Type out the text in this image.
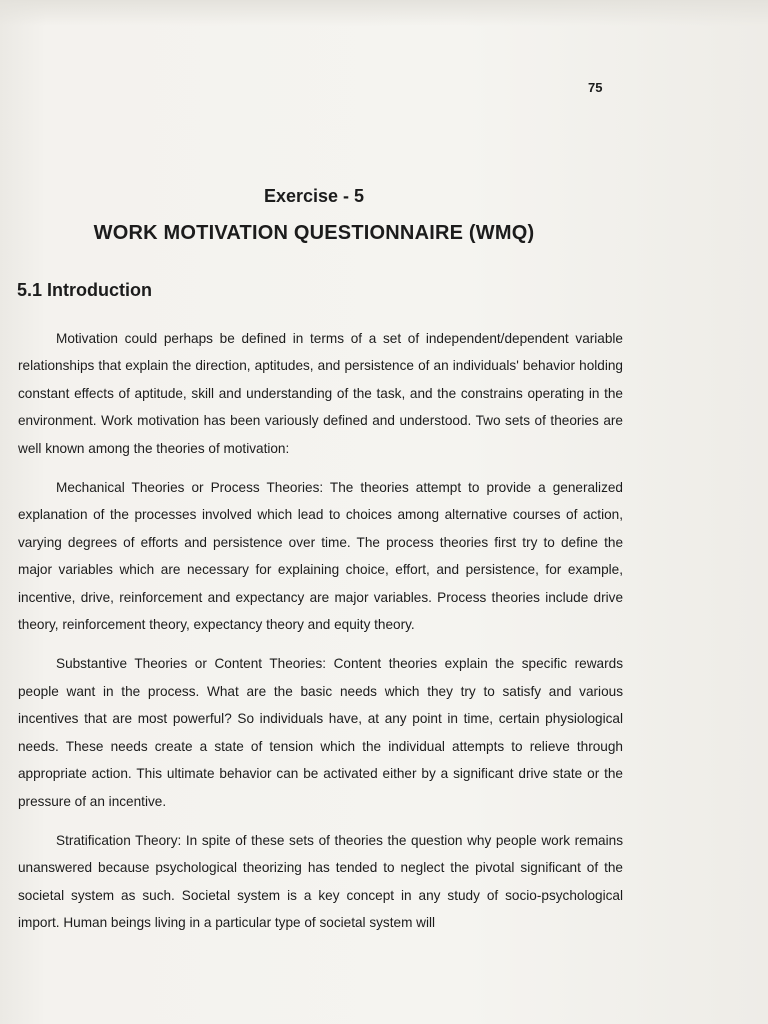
75
Exercise - 5
WORK MOTIVATION QUESTIONNAIRE (WMQ)
5.1 Introduction

Motivation could perhaps be defined in terms of a set of independent/dependent variable relationships that explain the direction, aptitudes, and persistence of an individuals' behavior holding constant effects of aptitude, skill and understanding of the task, and the constrains operating in the environment. Work motivation has been variously defined and understood. Two sets of theories are well known among the theories of motivation:

Mechanical Theories or Process Theories: The theories attempt to provide a generalized explanation of the processes involved which lead to choices among alternative courses of action, varying degrees of efforts and persistence over time. The process theories first try to define the major variables which are necessary for explaining choice, effort, and persistence, for example, incentive, drive, reinforcement and expectancy are major variables. Process theories include drive theory, reinforcement theory, expectancy theory and equity theory.

Substantive Theories or Content Theories: Content theories explain the specific rewards people want in the process. What are the basic needs which they try to satisfy and various incentives that are most powerful? So individuals have, at any point in time, certain physiological needs. These needs create a state of tension which the individual attempts to relieve through appropriate action. This ultimate behavior can be activated either by a significant drive state or the pressure of an incentive.

Stratification Theory: In spite of these sets of theories the question why people work remains unanswered because psychological theorizing has tended to neglect the pivotal significant of the societal system as such. Societal system is a key concept in any study of socio-psychological import. Human beings living in a particular type of societal system will
